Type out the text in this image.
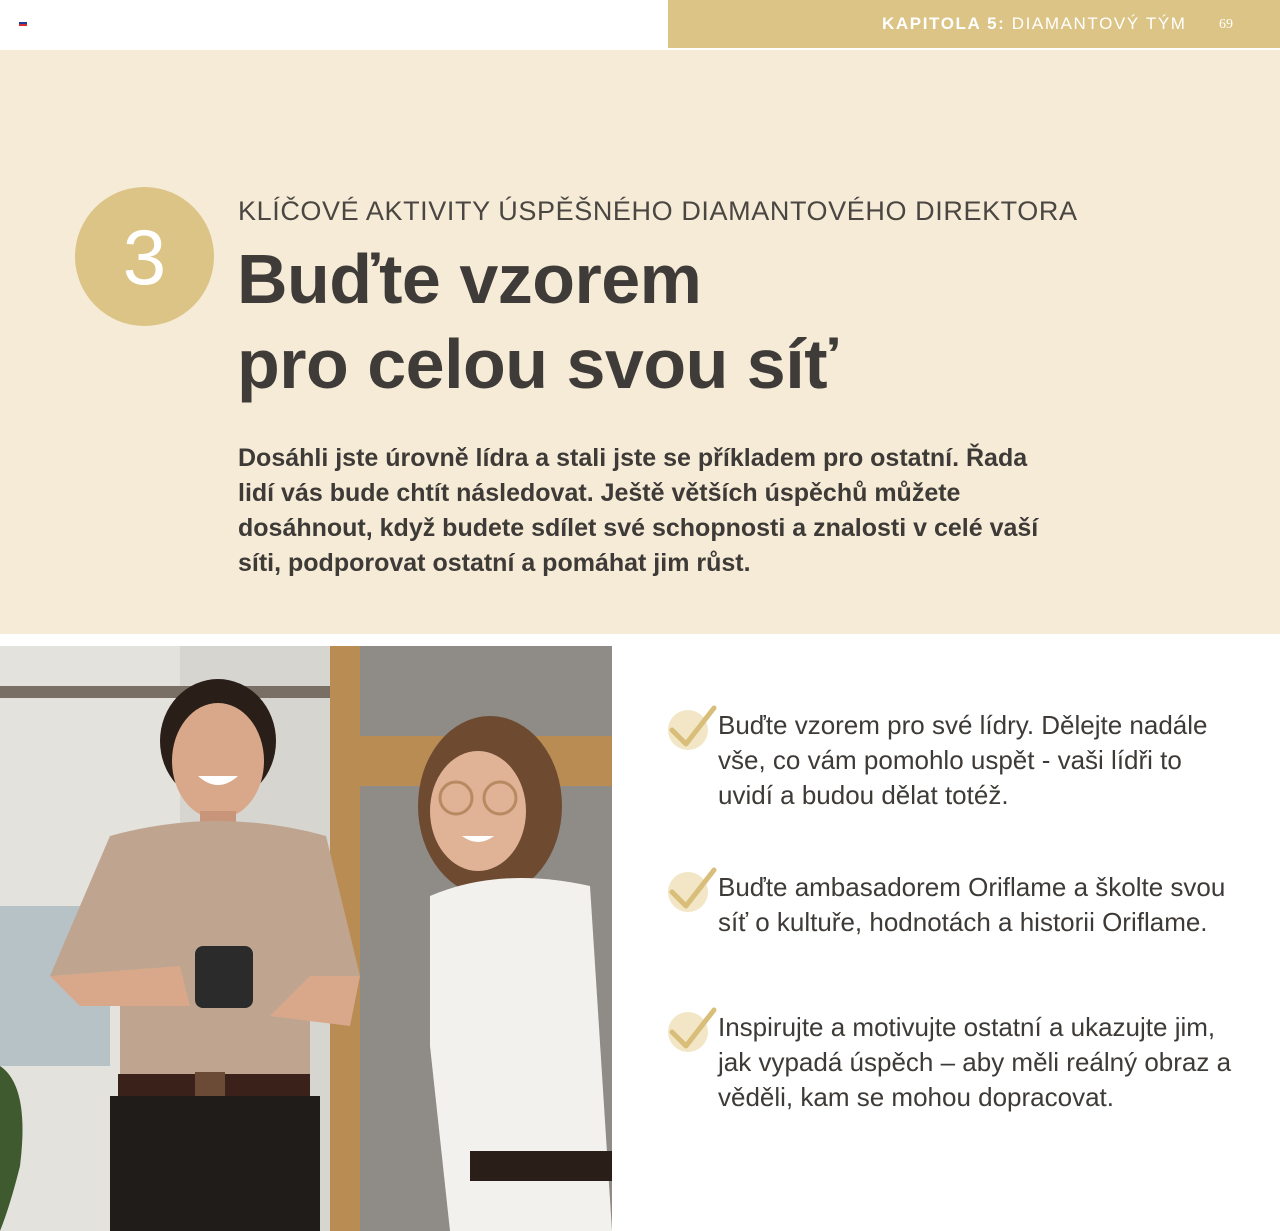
KAPITOLA 5: DIAMANTOVÝ TÝM 69
3
KLÍČOVÉ AKTIVITY ÚSPĚŠNÉHO DIAMANTOVÉHO DIREKTORA
Buďte vzorem
pro celou svou síť
Dosáhli jste úrovně lídra a stali jste se příkladem pro ostatní. Řada lidí vás bude chtít následovat. Ještě větších úspěchů můžete dosáhnout, když budete sdílet své schopnosti a znalosti v celé vaší síti, podporovat ostatní a pomáhat jim růst.
Buďte vzorem pro své lídry. Dělejte nadále vše, co vám pomohlo uspět - vaši lídři to uvidí a budou dělat totéž.
Buďte ambasadorem Oriflame a školte svou síť o kultuře, hodnotách a historii Oriflame.
Inspirujte a motivujte ostatní a ukazujte jim, jak vypadá úspěch – aby měli reálný obraz a věděli, kam se mohou dopracovat.
